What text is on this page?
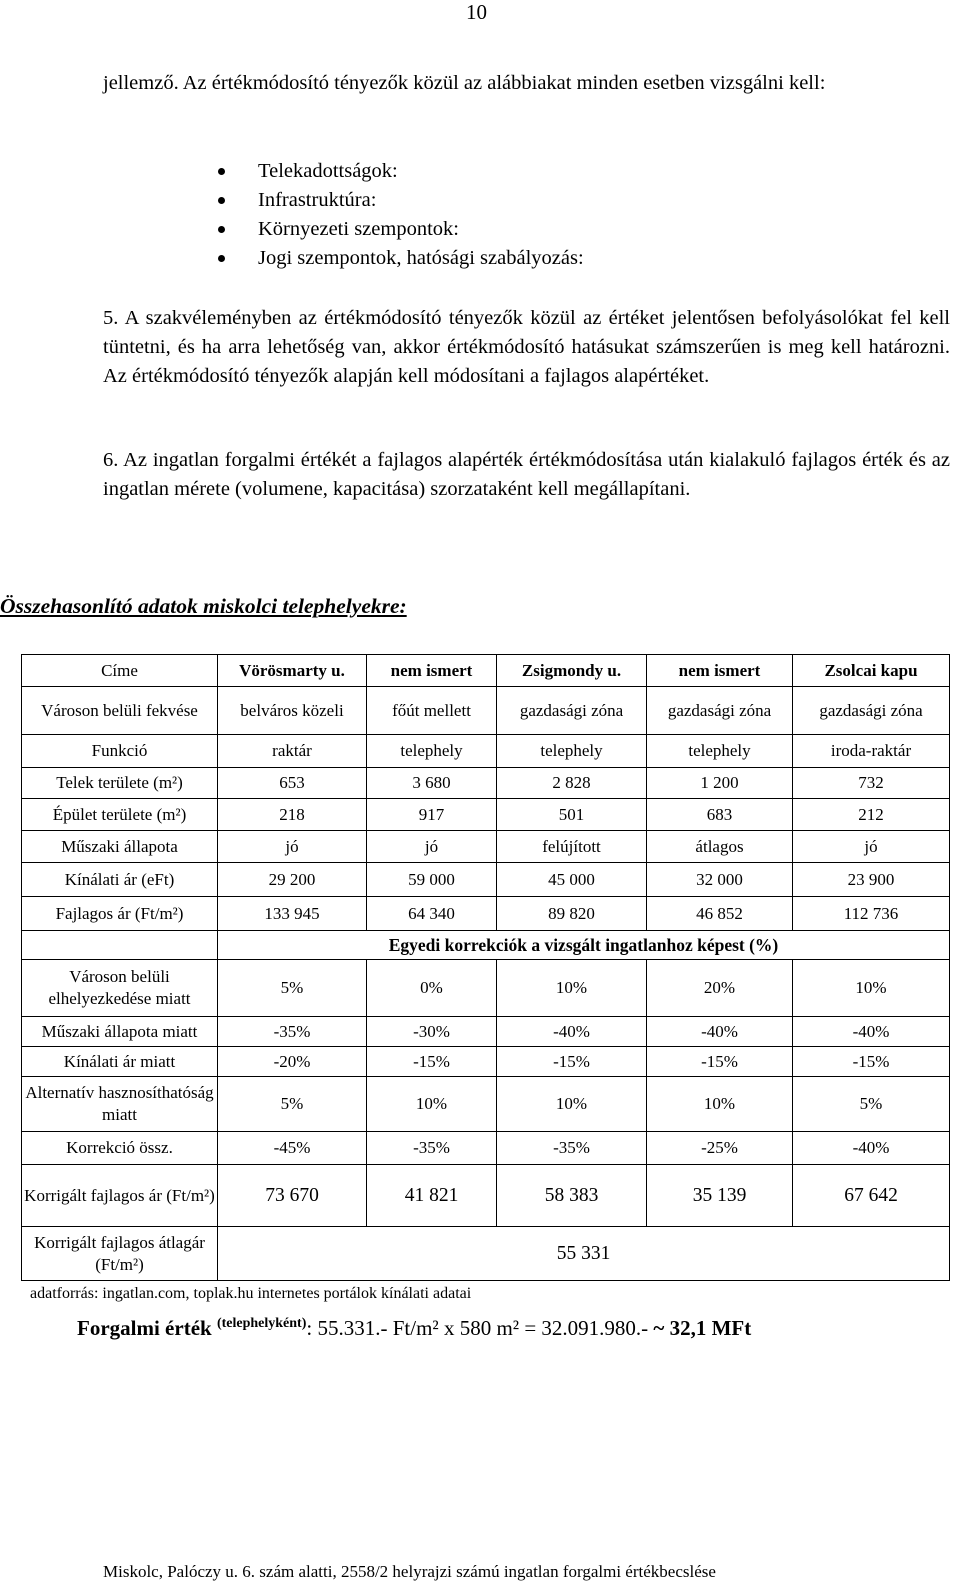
10
jellemző. Az értékmódosító tényezők közül az alábbiakat minden esetben vizsgálni kell:
Telekadottságok:
Infrastruktúra:
Környezeti szempontok:
Jogi szempontok, hatósági szabályozás:
5. A szakvéleményben az értékmódosító tényezők közül az értéket jelentősen befolyásolókat fel kell tüntetni, és ha arra lehetőség van, akkor értékmódosító hatásukat számszerűen is meg kell határozni. Az értékmódosító tényezők alapján kell módosítani a fajlagos alapértéket.
6. Az ingatlan forgalmi értékét a fajlagos alapérték értékmódosítása után kialakuló fajlagos érték és az ingatlan mérete (volumene, kapacitása) szorzataként kell megállapítani.
Összehasonlító adatok miskolci telephelyekre:
Címe	Vörösmarty u.	nem ismert	Zsigmondy u.	nem ismert	Zsolcai kapu
Városon belüli fekvése	belváros közeli	főút mellett	gazdasági zóna	gazdasági zóna	gazdasági zóna
Funkció	raktár	telephely	telephely	telephely	iroda-raktár
Telek területe (m²)	653	3 680	2 828	1 200	732
Épület területe (m²)	218	917	501	683	212
Műszaki állapota	jó	jó	felújított	átlagos	jó
Kínálati ár (eFt)	29 200	59 000	45 000	32 000	23 900
Fajlagos ár (Ft/m²)	133 945	64 340	89 820	46 852	112 736
	Egyedi korrekciók a vizsgált ingatlanhoz képest (%)				
Városon belüli elhelyezkedése miatt	5%	0%	10%	20%	10%
Műszaki állapota miatt	-35%	-30%	-40%	-40%	-40%
Kínálati ár miatt	-20%	-15%	-15%	-15%	-15%
Alternatív hasznosíthatóság miatt	5%	10%	10%	10%	5%
Korrekció össz.	-45%	-35%	-35%	-25%	-40%
Korrigált fajlagos ár (Ft/m²)	73 670	41 821	58 383	35 139	67 642
Korrigált fajlagos átlagár (Ft/m²)	55 331				
adatforrás: ingatlan.com, toplak.hu internetes portálok kínálati adatai
Forgalmi érték $^{(telephelyként)}$: 55.331.- Ft/m² x 580 m² = 32.091.980.- ~ 32,1 MFt
Miskolc, Palóczy u. 6. szám alatti, 2558/2 helyrajzi számú ingatlan forgalmi értékbecslése
